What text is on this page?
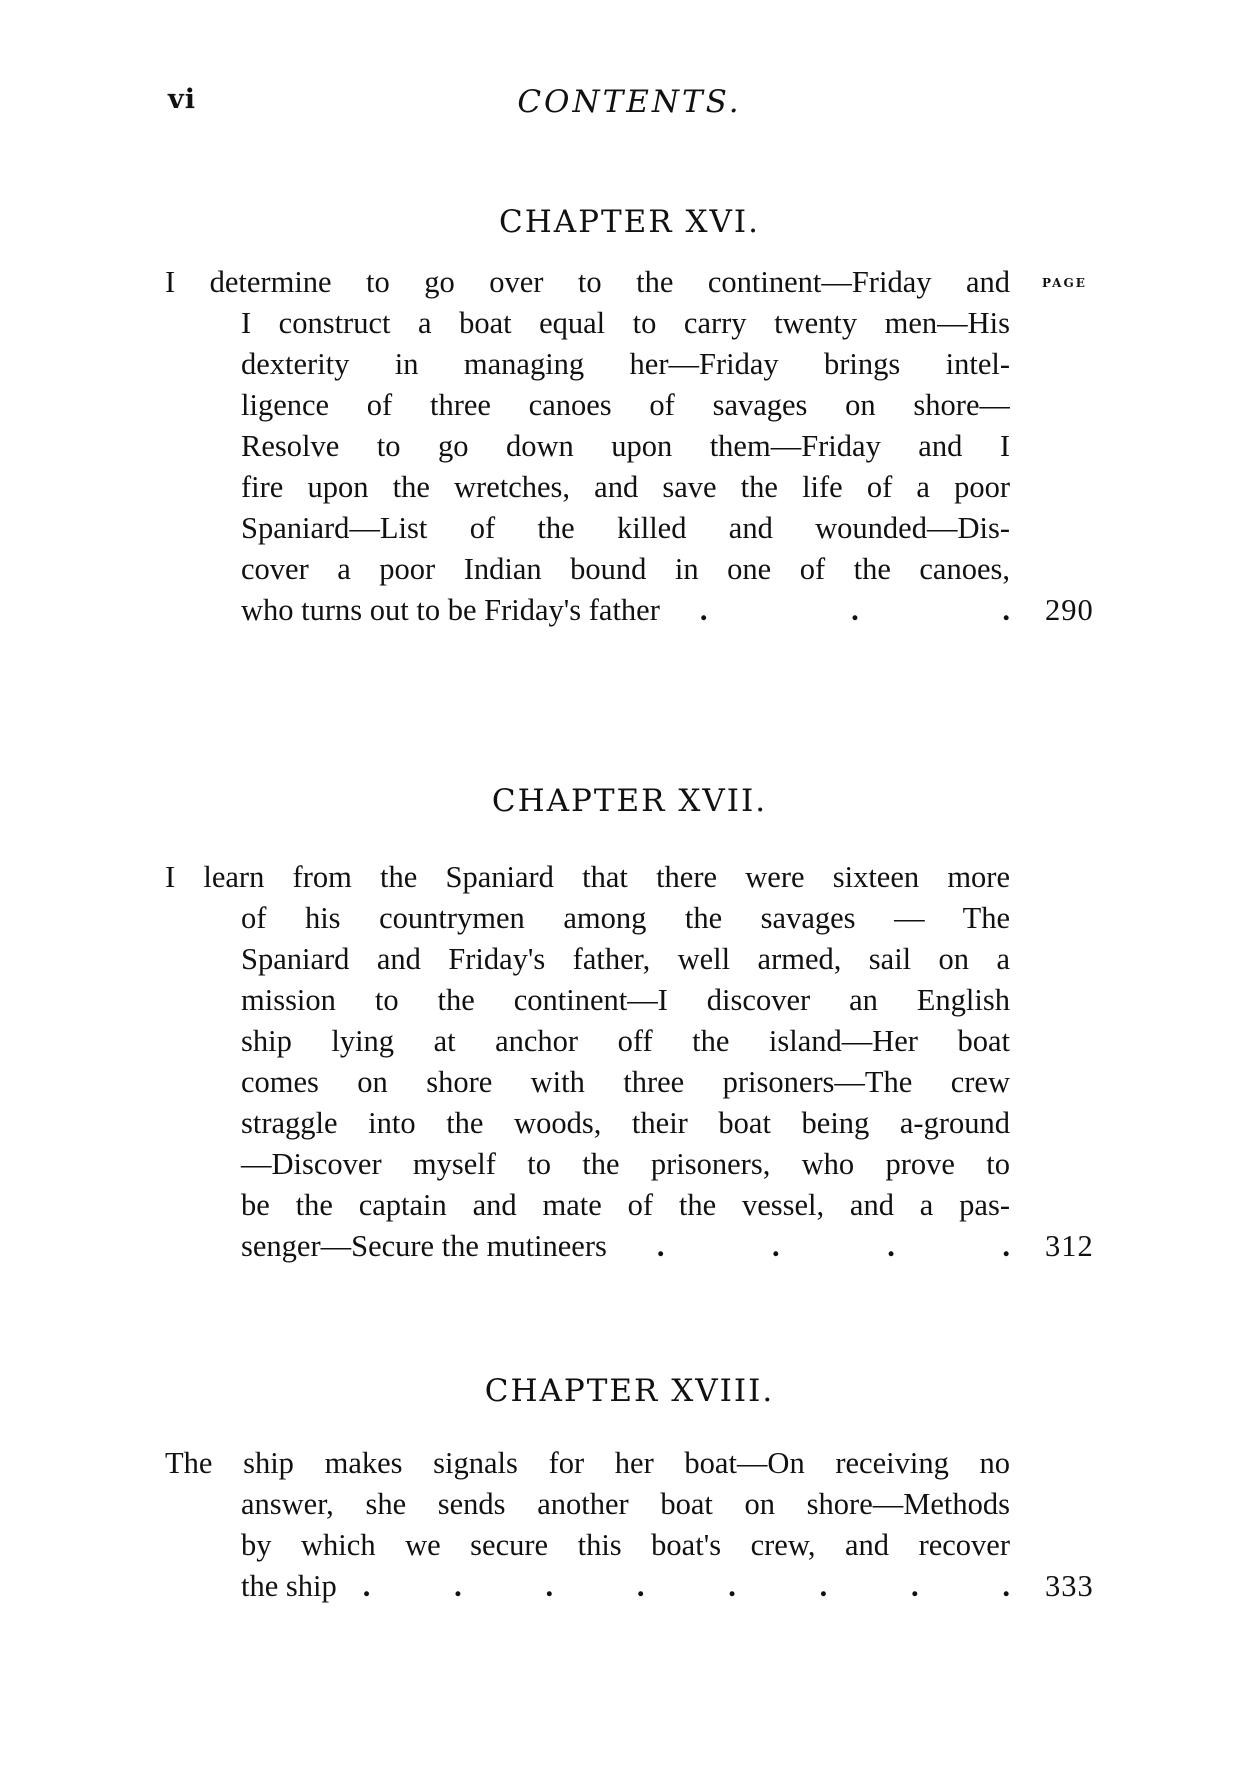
vi	CONTENTS.
CHAPTER XVI.
PAGE
I determine to go over to the continent—Friday and
I construct a boat equal to carry twenty men—His
dexterity in managing her—Friday brings intel-
ligence of three canoes of savages on shore—
Resolve to go down upon them—Friday and I
fire upon the wretches, and save the life of a poor
Spaniard—List of the killed and wounded—Dis-
cover a poor Indian bound in one of the canoes,
who turns out to be Friday's father .	.	. 290
CHAPTER XVII.
I learn from the Spaniard that there were sixteen more
of his countrymen among the savages — The
Spaniard and Friday's father, well armed, sail on a
mission to the continent—I discover an English
ship lying at anchor off the island—Her boat
comes on shore with three prisoners—The crew
straggle into the woods, their boat being a-ground
—Discover myself to the prisoners, who prove to
be the captain and mate of the vessel, and a pas-
senger—Secure the mutineers .	.	.	. 312
CHAPTER XVIII.
The ship makes signals for her boat—On receiving no
answer, she sends another boat on shore—Methods
by which we secure this boat's crew, and recover
the ship .	.	.	.	.	.	.	. 333
